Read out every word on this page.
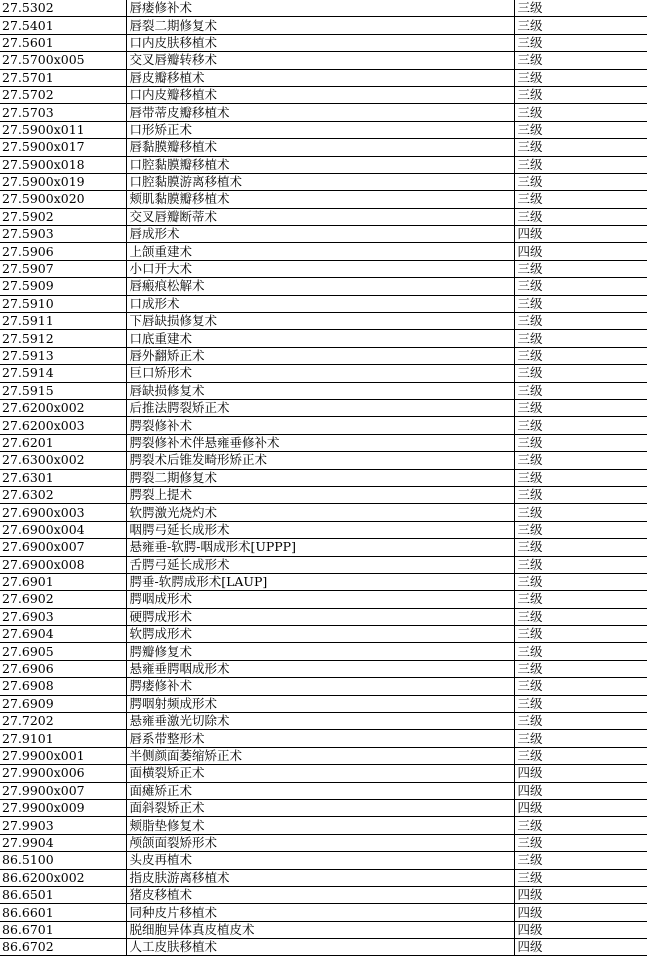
27.5302	唇瘘修补术	三级
27.5401	唇裂二期修复术	三级
27.5601	口内皮肤移植术	三级
27.5700x005	交叉唇瓣转移术	三级
27.5701	唇皮瓣移植术	三级
27.5702	口内皮瓣移植术	三级
27.5703	唇带蒂皮瓣移植术	三级
27.5900x011	口形矫正术	三级
27.5900x017	唇黏膜瓣移植术	三级
27.5900x018	口腔黏膜瓣移植术	三级
27.5900x019	口腔黏膜游离移植术	三级
27.5900x020	颊肌黏膜瓣移植术	三级
27.5902	交叉唇瓣断蒂术	三级
27.5903	唇成形术	四级
27.5906	上颌重建术	四级
27.5907	小口开大术	三级
27.5909	唇瘢痕松解术	三级
27.5910	口成形术	三级
27.5911	下唇缺损修复术	三级
27.5912	口底重建术	三级
27.5913	唇外翻矫正术	三级
27.5914	巨口矫形术	三级
27.5915	唇缺损修复术	三级
27.6200x002	后推法腭裂矫正术	三级
27.6200x003	腭裂修补术	三级
27.6201	腭裂修补术伴悬雍垂修补术	三级
27.6300x002	腭裂术后锥发畸形矫正术	三级
27.6301	腭裂二期修复术	三级
27.6302	腭裂上提术	三级
27.6900x003	软腭激光烧灼术	三级
27.6900x004	咽腭弓延长成形术	三级
27.6900x007	悬雍垂-软腭-咽成形术[UPPP]	三级
27.6900x008	舌腭弓延长成形术	三级
27.6901	腭垂-软腭成形术[LAUP]	三级
27.6902	腭咽成形术	三级
27.6903	硬腭成形术	三级
27.6904	软腭成形术	三级
27.6905	腭瓣修复术	三级
27.6906	悬雍垂腭咽成形术	三级
27.6908	腭瘘修补术	三级
27.6909	腭咽射频成形术	三级
27.7202	悬雍垂激光切除术	三级
27.9101	唇系带整形术	三级
27.9900x001	半侧颜面萎缩矫正术	三级
27.9900x006	面横裂矫正术	四级
27.9900x007	面瘫矫正术	四级
27.9900x009	面斜裂矫正术	四级
27.9903	颊脂垫修复术	三级
27.9904	颅颌面裂矫形术	三级
86.5100	头皮再植术	三级
86.6200x002	指皮肤游离移植术	三级
86.6501	猪皮移植术	四级
86.6601	同种皮片移植术	四级
86.6701	脱细胞异体真皮植皮术	四级
86.6702	人工皮肤移植术	四级
